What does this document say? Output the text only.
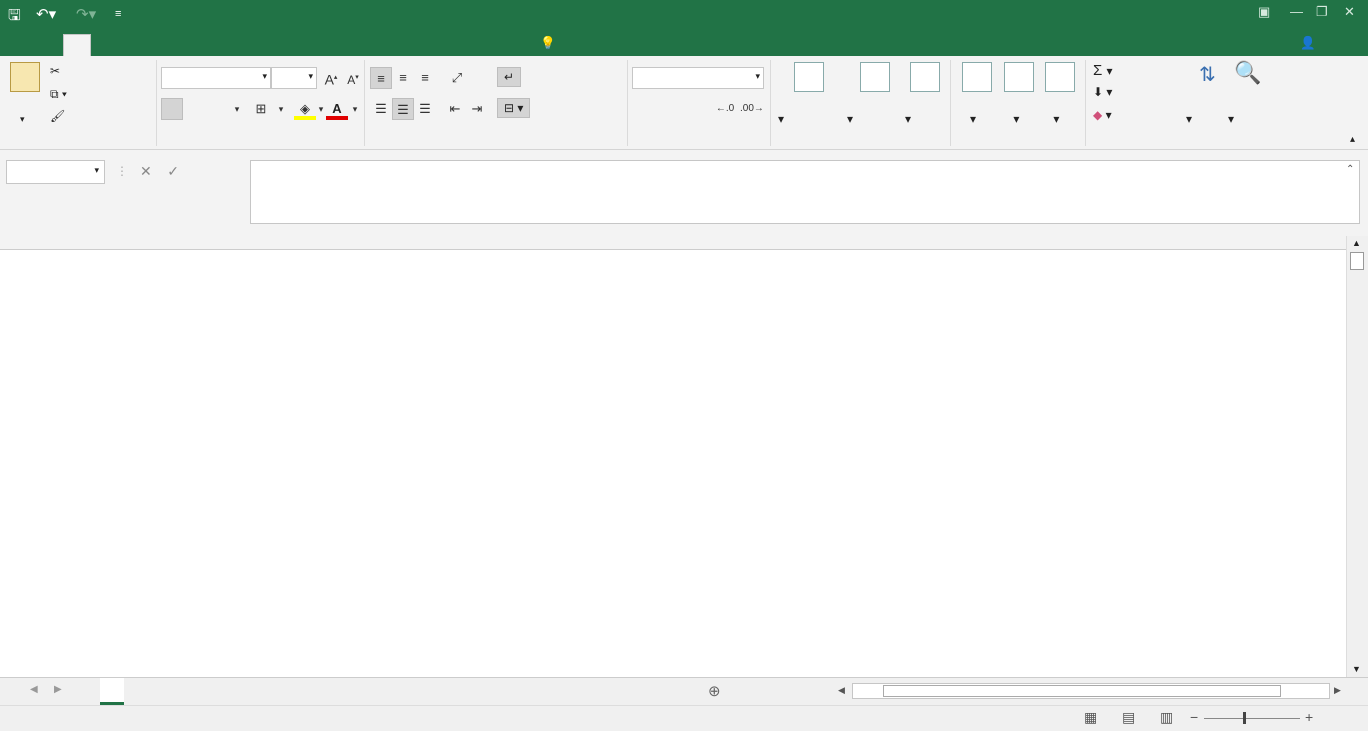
🖫 ↶▾ ↷▾ ≡	▣ — ❐ ✕
💡	👤
▾
✂
⧉ ▾
🖌
▾	▾ A▴ A▾
▾	⊞	▾	◈ ▾ A	▾
≡	≡	≡	⤢	↵
☰ ☰ ☰	⇤ ⇥	⊟ ▾
▾
←.0 .00→

▾	▾	▾	▾ ▾ ▾
Σ ▾
⬇ ▾
◆ ▾
⇅

▾
🔍

▾
▴
▾ ⋮ ✕ ✓	⌃
▲
▼
◀ ▶	⊕	◀	▶
▦ ▤ ▥ −	+
